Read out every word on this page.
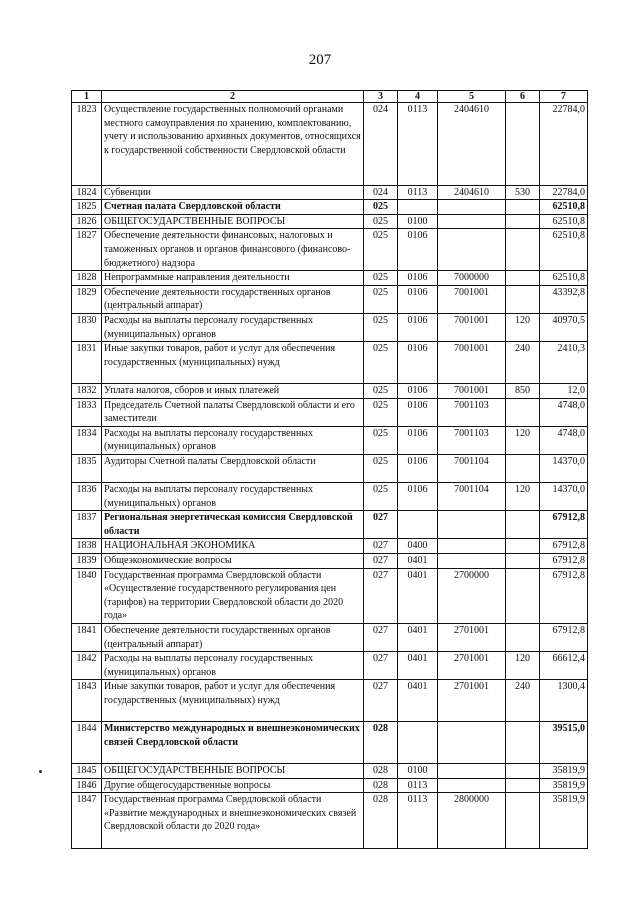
207
1	2	3	4	5	6	7
1823	Осуществление государственных полномочий органами местного самоуправления по хранению, комплектованию, учету и использованию архивных документов, относящихся к государственной собственности Свердловской области	024	0113	2404610		22784,0
1824	Субвенции	024	0113	2404610	530	22784,0
1825	Счетная палата Свердловской области	025				62510,8
1826	ОБЩЕГОСУДАРСТВЕННЫЕ ВОПРОСЫ	025	0100			62510,8
1827	Обеспечение деятельности финансовых, налоговых и таможенных органов и органов финансового (финансово-бюджетного) надзора	025	0106			62510,8
1828	Непрограммные направления деятельности	025	0106	7000000		62510,8
1829	Обеспечение деятельности государственных органов (центральный аппарат)	025	0106	7001001		43392,8
1830	Расходы на выплаты персоналу государственных (муниципальных) органов	025	0106	7001001	120	40970,5
1831	Иные закупки товаров, работ и услуг для обеспечения государственных (муниципальных) нужд	025	0106	7001001	240	2410,3
1832	Уплата налогов, сборов и иных платежей	025	0106	7001001	850	12,0
1833	Председатель Счетной палаты Свердловской области и его заместители	025	0106	7001103		4748,0
1834	Расходы на выплаты персоналу государственных (муниципальных) органов	025	0106	7001103	120	4748,0
1835	Аудиторы Счетной палаты Свердловской области	025	0106	7001104		14370,0
1836	Расходы на выплаты персоналу государственных (муниципальных) органов	025	0106	7001104	120	14370,0
1837	Региональная энергетическая комиссия Свердловской области	027				67912,8
1838	НАЦИОНАЛЬНАЯ ЭКОНОМИКА	027	0400			67912,8
1839	Общеэкономические вопросы	027	0401			67912,8
1840	Государственная программа Свердловской области «Осуществление государственного регулирования цен (тарифов) на территории Свердловской области до 2020 года»	027	0401	2700000		67912,8
1841	Обеспечение деятельности государственных органов (центральный аппарат)	027	0401	2701001		67912,8
1842	Расходы на выплаты персоналу государственных (муниципальных) органов	027	0401	2701001	120	66612,4
1843	Иные закупки товаров, работ и услуг для обеспечения государственных (муниципальных) нужд	027	0401	2701001	240	1300,4
1844	Министерство международных и внешнеэкономических связей Свердловской области	028				39515,0
1845	ОБЩЕГОСУДАРСТВЕННЫЕ ВОПРОСЫ	028	0100			35819,9
1846	Другие общегосударственные вопросы	028	0113			35819,9
1847	Государственная программа Свердловской области «Развитие международных и внешнеэкономических связей Свердловской области до 2020 года»	028	0113	2800000		35819,9
